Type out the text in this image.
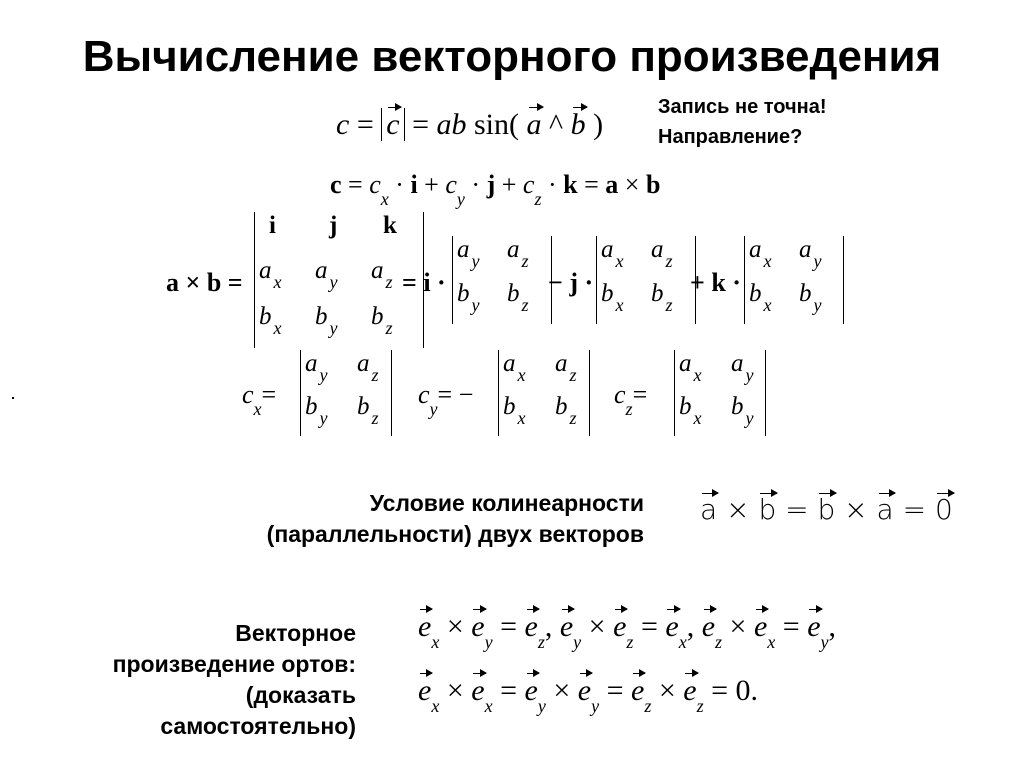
Вычисление векторного произведения
Запись не точна!
Направление?
c = c = ab sin( a ^ b )
$c = c_x \cdot i + c_y \cdot j + c_z \cdot k = a \times b$
a × b =
i	j	k
a x a y a z
b x b y b z
= i ·
a y a z
b y b z
− j ·
a x a z
b x b z
+ k ·
a x a y
b x b y
$c_x=$
a y a z
b y b z
$c_y=$ −
a x a z
b x b z
$c_z=$
a x a y
b x b y
Условие колинеарности
(параллельности) двух векторов
a × b = b × a = 0
Векторное
произведение ортов:
(доказать
самостоятельно)
$e_x \times e_y = e_z$, $e_y \times e_z = e_x$, $e_z \times e_x = e_y$,
$e_x \times e_x = e_y \times e_y = e_z \times e_z = 0$.
